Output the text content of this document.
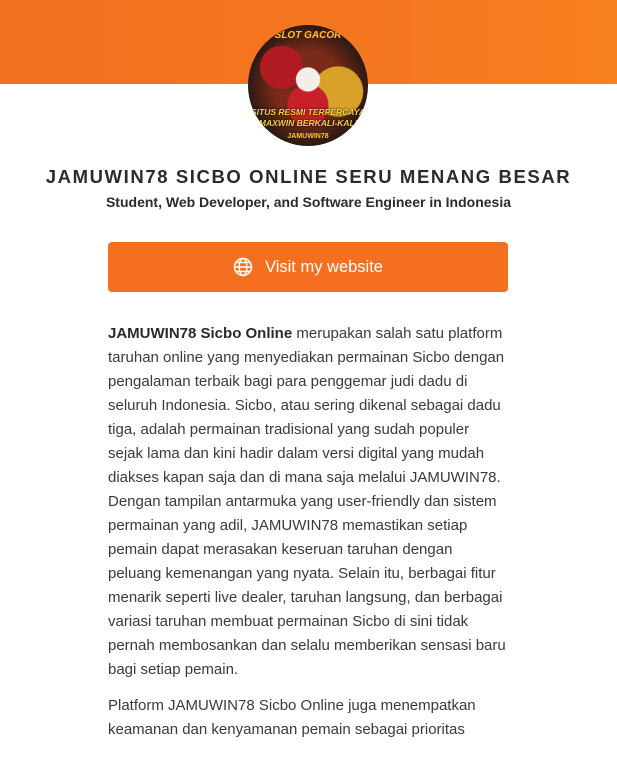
SLOT GACOR
SITUS RESMI TERPERCAYA
MAXWIN BERKALI-KALI
JAMUWIN78
JAMUWIN78 SICBO ONLINE SERU MENANG BESAR
Student, Web Developer, and Software Engineer in Indonesia
Visit my website

JAMUWIN78 Sicbo Online merupakan salah satu platform taruhan online yang menyediakan permainan Sicbo dengan pengalaman terbaik bagi para penggemar judi dadu di seluruh Indonesia. Sicbo, atau sering dikenal sebagai dadu tiga, adalah permainan tradisional yang sudah populer sejak lama dan kini hadir dalam versi digital yang mudah diakses kapan saja dan di mana saja melalui JAMUWIN78. Dengan tampilan antarmuka yang user-friendly dan sistem permainan yang adil, JAMUWIN78 memastikan setiap pemain dapat merasakan keseruan taruhan dengan peluang kemenangan yang nyata. Selain itu, berbagai fitur menarik seperti live dealer, taruhan langsung, dan berbagai variasi taruhan membuat permainan Sicbo di sini tidak pernah membosankan dan selalu memberikan sensasi baru bagi setiap pemain.

Platform JAMUWIN78 Sicbo Online juga menempatkan keamanan dan kenyamanan pemain sebagai prioritas
